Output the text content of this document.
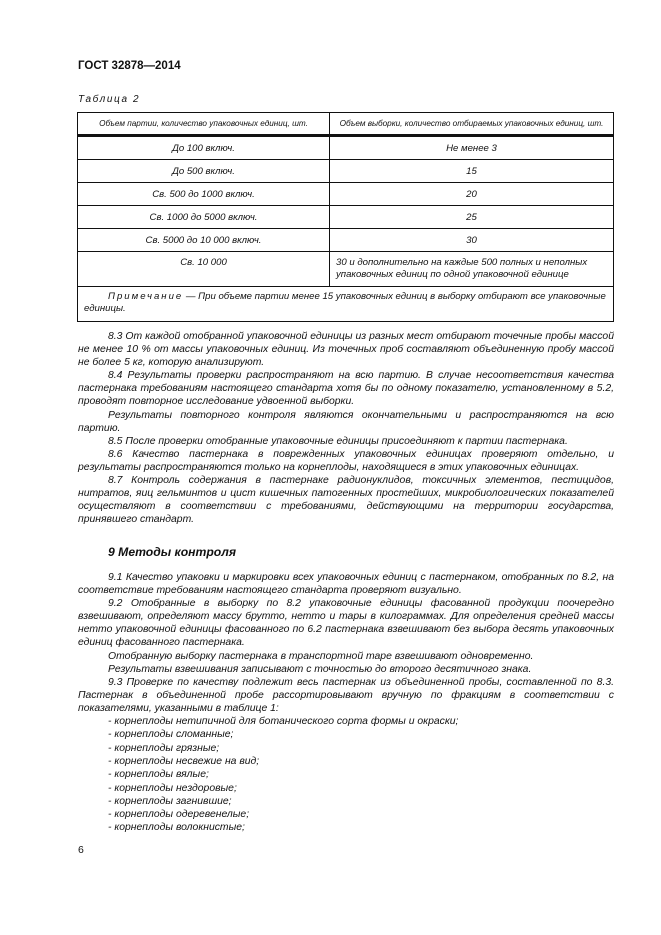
ГОСТ 32878—2014
Таблица 2
Объем партии, количество упаковочных единиц, шт.	Объем выборки, количество отбираемых упаковочных единиц, шт.
До 100 включ.	Не менее 3
До 500 включ.	15
Св. 500 до 1000 включ.	20
Св. 1000 до 5000 включ.	25
Св. 5000 до 10 000 включ.	30
Св. 10 000	30 и дополнительно на каждые 500 полных и неполных упаковочных единиц по одной упаковочной единице
Примечание — При объеме партии менее 15 упаковочных единиц в выборку отбирают все упаковочные единицы.	

8.3 От каждой отобранной упаковочной единицы из разных мест отбирают точечные пробы массой не менее 10 % от массы упаковочных единиц. Из точечных проб составляют объединенную пробу массой не более 5 кг, которую анализируют.

8.4 Результаты проверки распространяют на всю партию. В случае несоответствия качества пастернака требованиям настоящего стандарта хотя бы по одному показателю, установленному в 5.2, проводят повторное исследование удвоенной выборки.

Результаты повторного контроля являются окончательными и распространяются на всю партию.

8.5 После проверки отобранные упаковочные единицы присоединяют к партии пастернака.

8.6 Качество пастернака в поврежденных упаковочных единицах проверяют отдельно, и результаты распространяются только на корнеплоды, находящиеся в этих упаковочных единицах.

8.7 Контроль содержания в пастернаке радионуклидов, токсичных элементов, пестицидов, нитратов, яиц гельминтов и цист кишечных патогенных простейших, микробиологических показателей осуществляют в соответствии с требованиями, действующими на территории государства, принявшего стандарт.

9 Методы контроля

9.1 Качество упаковки и маркировки всех упаковочных единиц с пастернаком, отобранных по 8.2, на соответствие требованиям настоящего стандарта проверяют визуально.

9.2 Отобранные в выборку по 8.2 упаковочные единицы фасованной продукции поочередно взвешивают, определяют массу брутто, нетто и тары в килограммах. Для определения средней массы нетто упаковочной единицы фасованного по 6.2 пастернака взвешивают без выбора десять упаковочных единиц фасованного пастернака.

Отобранную выборку пастернака в транспортной таре взвешивают одновременно.

Результаты взвешивания записывают с точностью до второго десятичного знака.

9.3 Проверке по качеству подлежит весь пастернак из объединенной пробы, составленной по 8.3. Пастернак в объединенной пробе рассортировывают вручную по фракциям в соответствии с показателями, указанными в таблице 1:

- корнеплоды нетипичной для ботанического сорта формы и окраски;
- корнеплоды сломанные;
- корнеплоды грязные;
- корнеплоды несвежие на вид;
- корнеплоды вялые;
- корнеплоды нездоровые;
- корнеплоды загнившие;
- корнеплоды одеревенелые;
- корнеплоды волокнистые;
6
